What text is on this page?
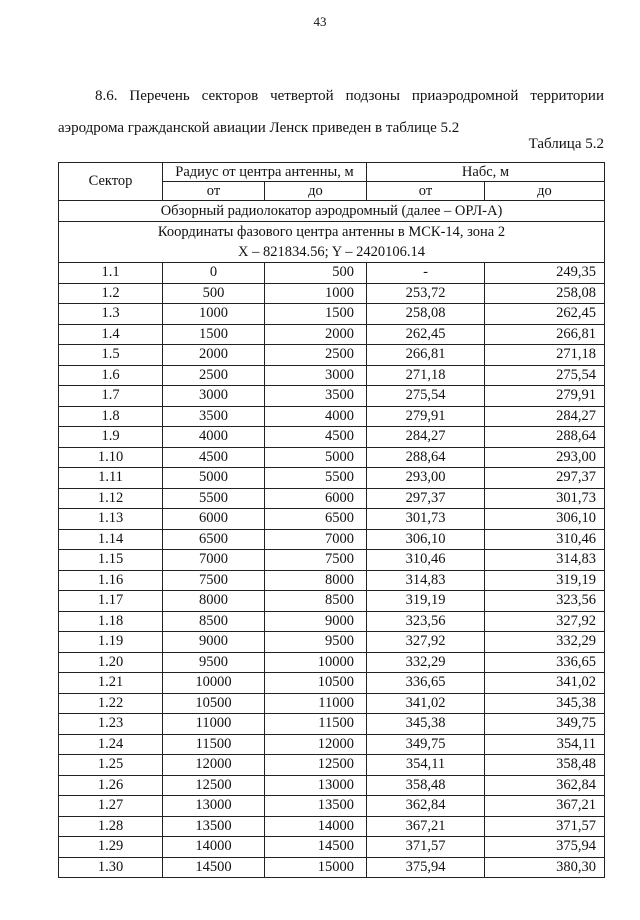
43
8.6. Перечень секторов четвертой подзоны приаэродромной территории
аэродрома гражданской авиации Ленск приведен в таблице 5.2
Таблица 5.2
Сектор	Радиус от центра антенны, м		Набс, м	
	от	до	от	до
Обзорный радиолокатор аэродромный (далее – ОРЛ-А)				

Координаты фазового центра антенны в МСК-14, зона 2
X – 821834.56; Y – 2420106.14				

1.1	0	500	-	249,35
1.2	500	1000	253,72	258,08
1.3	1000	1500	258,08	262,45
1.4	1500	2000	262,45	266,81
1.5	2000	2500	266,81	271,18
1.6	2500	3000	271,18	275,54
1.7	3000	3500	275,54	279,91
1.8	3500	4000	279,91	284,27
1.9	4000	4500	284,27	288,64
1.10	4500	5000	288,64	293,00
1.11	5000	5500	293,00	297,37
1.12	5500	6000	297,37	301,73
1.13	6000	6500	301,73	306,10
1.14	6500	7000	306,10	310,46
1.15	7000	7500	310,46	314,83
1.16	7500	8000	314,83	319,19
1.17	8000	8500	319,19	323,56
1.18	8500	9000	323,56	327,92
1.19	9000	9500	327,92	332,29
1.20	9500	10000	332,29	336,65
1.21	10000	10500	336,65	341,02
1.22	10500	11000	341,02	345,38
1.23	11000	11500	345,38	349,75
1.24	11500	12000	349,75	354,11
1.25	12000	12500	354,11	358,48
1.26	12500	13000	358,48	362,84
1.27	13000	13500	362,84	367,21
1.28	13500	14000	367,21	371,57
1.29	14000	14500	371,57	375,94
1.30	14500	15000	375,94	380,30
